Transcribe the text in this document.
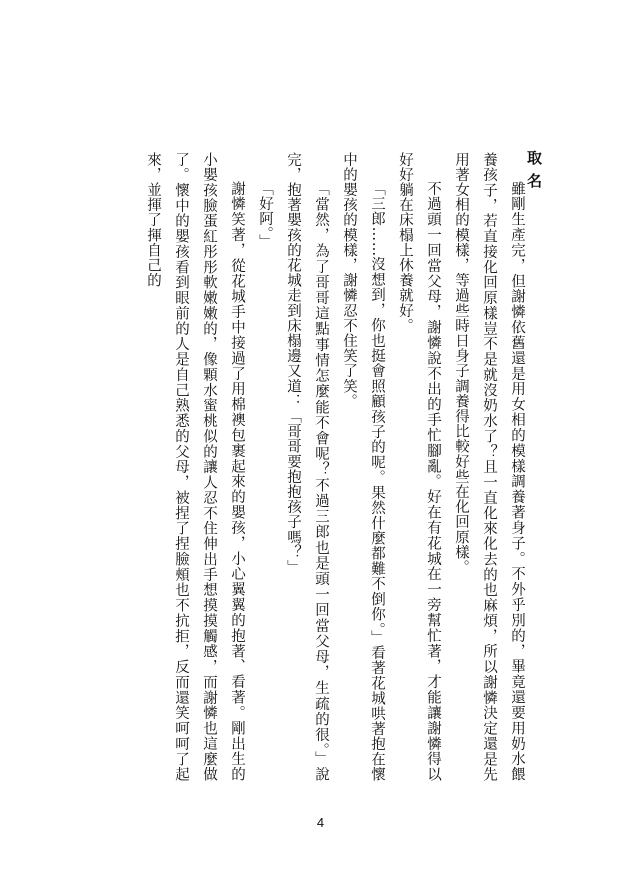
取名

雖剛生產完，但謝憐依舊還是用女相的模樣調養著身子。不外乎別的，畢竟還要用奶水餵養孩子，若直接化回原樣豈不是就沒奶水了？且一直化來化去的也麻煩，所以謝憐決定還是先用著女相的模樣，等過些時日身子調養得比較好些在化回原樣。

不過頭一回當父母，謝憐說不出的手忙腳亂。好在有花城在一旁幫忙著，才能讓謝憐得以好好躺在床榻上休養就好。

「三郎……沒想到，你也挺會照顧孩子的呢。果然什麼都難不倒你。」看著花城哄著抱在懷中的嬰孩的模樣，謝憐忍不住笑了笑。

「當然，為了哥哥這點事情怎麼能不會呢？不過三郎也是頭一回當父母，生疏的很。」說完，抱著嬰孩的花城走到床榻邊又道：「哥哥要抱抱孩子嗎？」

「好阿。」

謝憐笑著，從花城手中接過了用棉襖包裹起來的嬰孩，小心翼翼的抱著、看著。剛出生的小嬰孩臉蛋紅彤彤軟嫩嫩的，像顆水蜜桃似的讓人忍不住伸出手想摸摸觸感，而謝憐也這麼做了。懷中的嬰孩看到眼前的人是自己熟悉的父母，被捏了捏臉頰也不抗拒，反而還笑呵呵了起來，並揮了揮自己的

4
